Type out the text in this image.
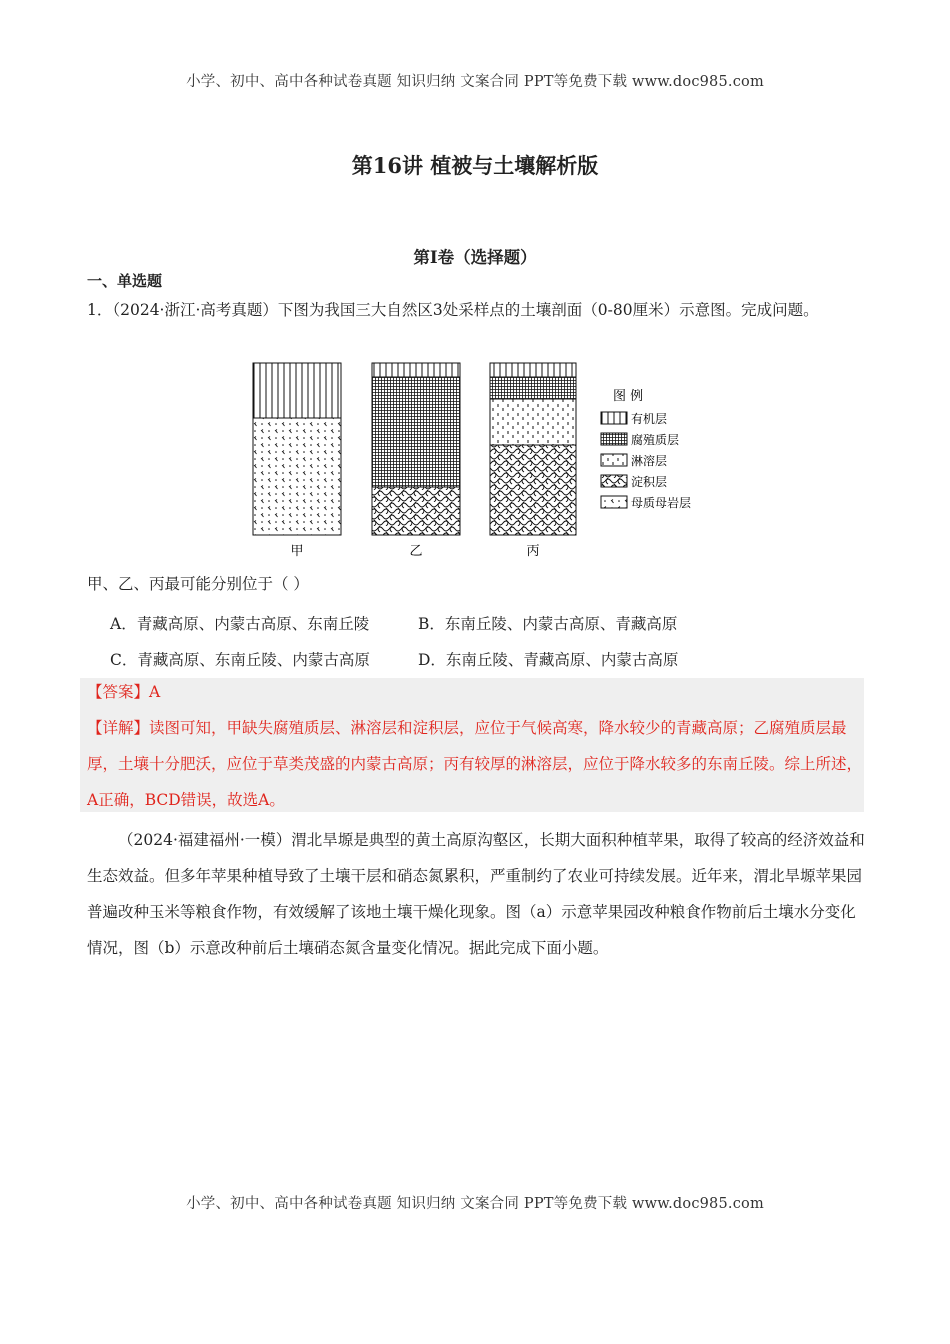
小学、初中、高中各种试卷真题 知识归纳 文案合同 PPT等免费下载 www.doc985.com
第16讲 植被与土壤解析版
第I卷（选择题）
一、单选题
1．（2024·浙江·高考真题）下图为我国三大自然区3处采样点的土壤剖面（0-80厘米）示意图。完成问题。
甲	乙	丙
图 例
有机层
腐殖质层
淋溶层
淀积层
母质母岩层
甲、乙、丙最可能分别位于（ ）
A．青藏高原、内蒙古高原、东南丘陵	B．东南丘陵、内蒙古高原、青藏高原
C．青藏高原、东南丘陵、内蒙古高原	D．东南丘陵、青藏高原、内蒙古高原
【答案】A
【详解】读图可知，甲缺失腐殖质层、淋溶层和淀积层，应位于气候高寒，降水较少的青藏高原；乙腐殖质层最厚，土壤十分肥沃，应位于草类茂盛的内蒙古高原；丙有较厚的淋溶层，应位于降水较多的东南丘陵。综上所述，A正确，BCD错误，故选A。
（2024·福建福州·一模）渭北旱塬是典型的黄土高原沟壑区，长期大面积种植苹果，取得了较高的经济效益和生态效益。但多年苹果种植导致了土壤干层和硝态氮累积，严重制约了农业可持续发展。近年来，渭北旱塬苹果园普遍改种玉米等粮食作物，有效缓解了该地土壤干燥化现象。图（a）示意苹果园改种粮食作物前后土壤水分变化情况，图（b）示意改种前后土壤硝态氮含量变化情况。据此完成下面小题。
小学、初中、高中各种试卷真题 知识归纳 文案合同 PPT等免费下载 www.doc985.com
